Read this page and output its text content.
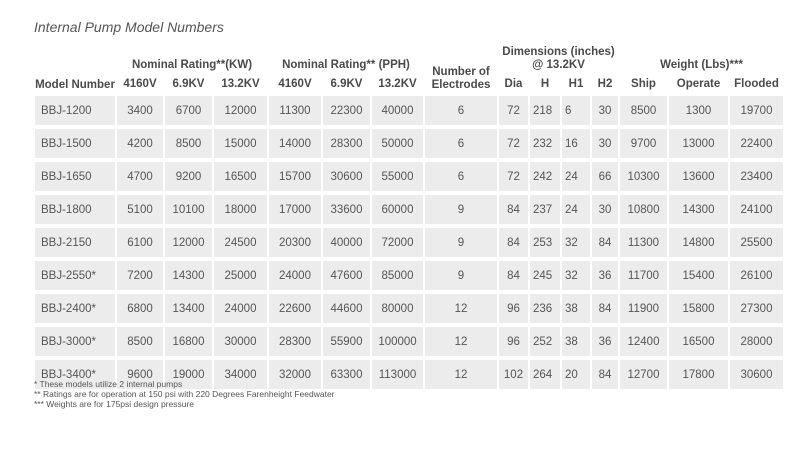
Internal Pump Model Numbers
Model Number	Nominal Rating**(KW)			Nominal Rating** (PPH)			Number of Electrodes	Dimensions (inches) @ 13.2KV				Weight (Lbs)***		
	4160V	6.9KV	13.2KV	4160V	6.9KV	13.2KV		Dia	H	H1	H2	Ship	Operate	Flooded
BBJ-1200	3400	6700	12000	11300	22300	40000	6	72	218	6	30	8500	1300	19700
BBJ-1500	4200	8500	15000	14000	28300	50000	6	72	232	16	30	9700	13000	22400
BBJ-1650	4700	9200	16500	15700	30600	55000	6	72	242	24	66	10300	13600	23400
BBJ-1800	5100	10100	18000	17000	33600	60000	9	84	237	24	30	10800	14300	24100
BBJ-2150	6100	12000	24500	20300	40000	72000	9	84	253	32	84	11300	14800	25500
BBJ-2550*	7200	14300	25000	24000	47600	85000	9	84	245	32	36	11700	15400	26100
BBJ-2400*	6800	13400	24000	22600	44600	80000	12	96	236	38	84	11900	15800	27300
BBJ-3000*	8500	16800	30000	28300	55900	100000	12	96	252	38	36	12400	16500	28000
BBJ-3400*	9600	19000	34000	32000	63300	113000	12	102	264	20	84	12700	17800	30600
* These models utilize 2 internal pumps
** Ratings are for operation at 150 psi with 220 Degrees Farenheight Feedwater
*** Weights are for 175psi design pressure
